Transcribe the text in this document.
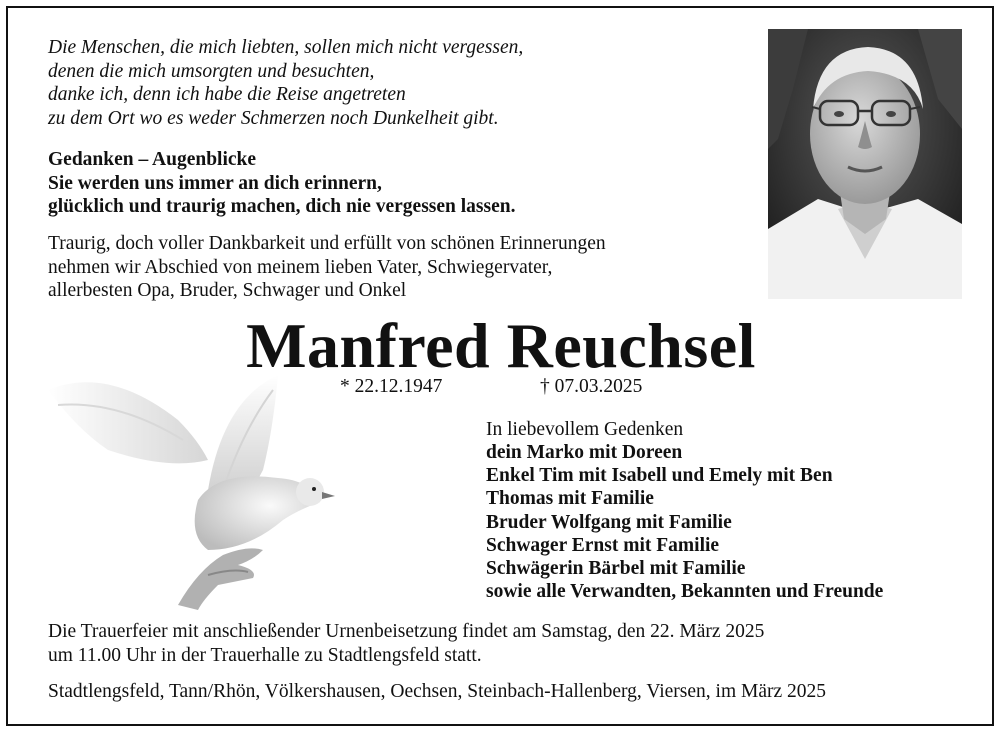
Die Menschen, die mich liebten, sollen mich nicht vergessen,
denen die mich umsorgten und besuchten,
danke ich, denn ich habe die Reise angetreten
zu dem Ort wo es weder Schmerzen noch Dunkelheit gibt.

Gedanken – Augenblicke
Sie werden uns immer an dich erinnern,
glücklich und traurig machen, dich nie vergessen lassen.

Traurig, doch voller Dankbarkeit und erfüllt von schönen Erinnerungen
nehmen wir Abschied von meinem lieben Vater, Schwiegervater,
allerbesten Opa, Bruder, Schwager und Onkel

Manfred Reuchsel
* 22.12.1947	† 07.03.2025
In liebevollem Gedenken

dein Marko mit Doreen
Enkel Tim mit Isabell und Emely mit Ben
Thomas mit Familie
Bruder Wolfgang mit Familie
Schwager Ernst mit Familie
Schwägerin Bärbel mit Familie
sowie alle Verwandten, Bekannten und Freunde

Die Trauerfeier mit anschließender Urnenbeisetzung findet am Samstag, den 22. März 2025
um 11.00 Uhr in der Trauerhalle zu Stadtlengsfeld statt.

Stadtlengsfeld, Tann/Rhön, Völkershausen, Oechsen, Steinbach-Hallenberg, Viersen, im März 2025
